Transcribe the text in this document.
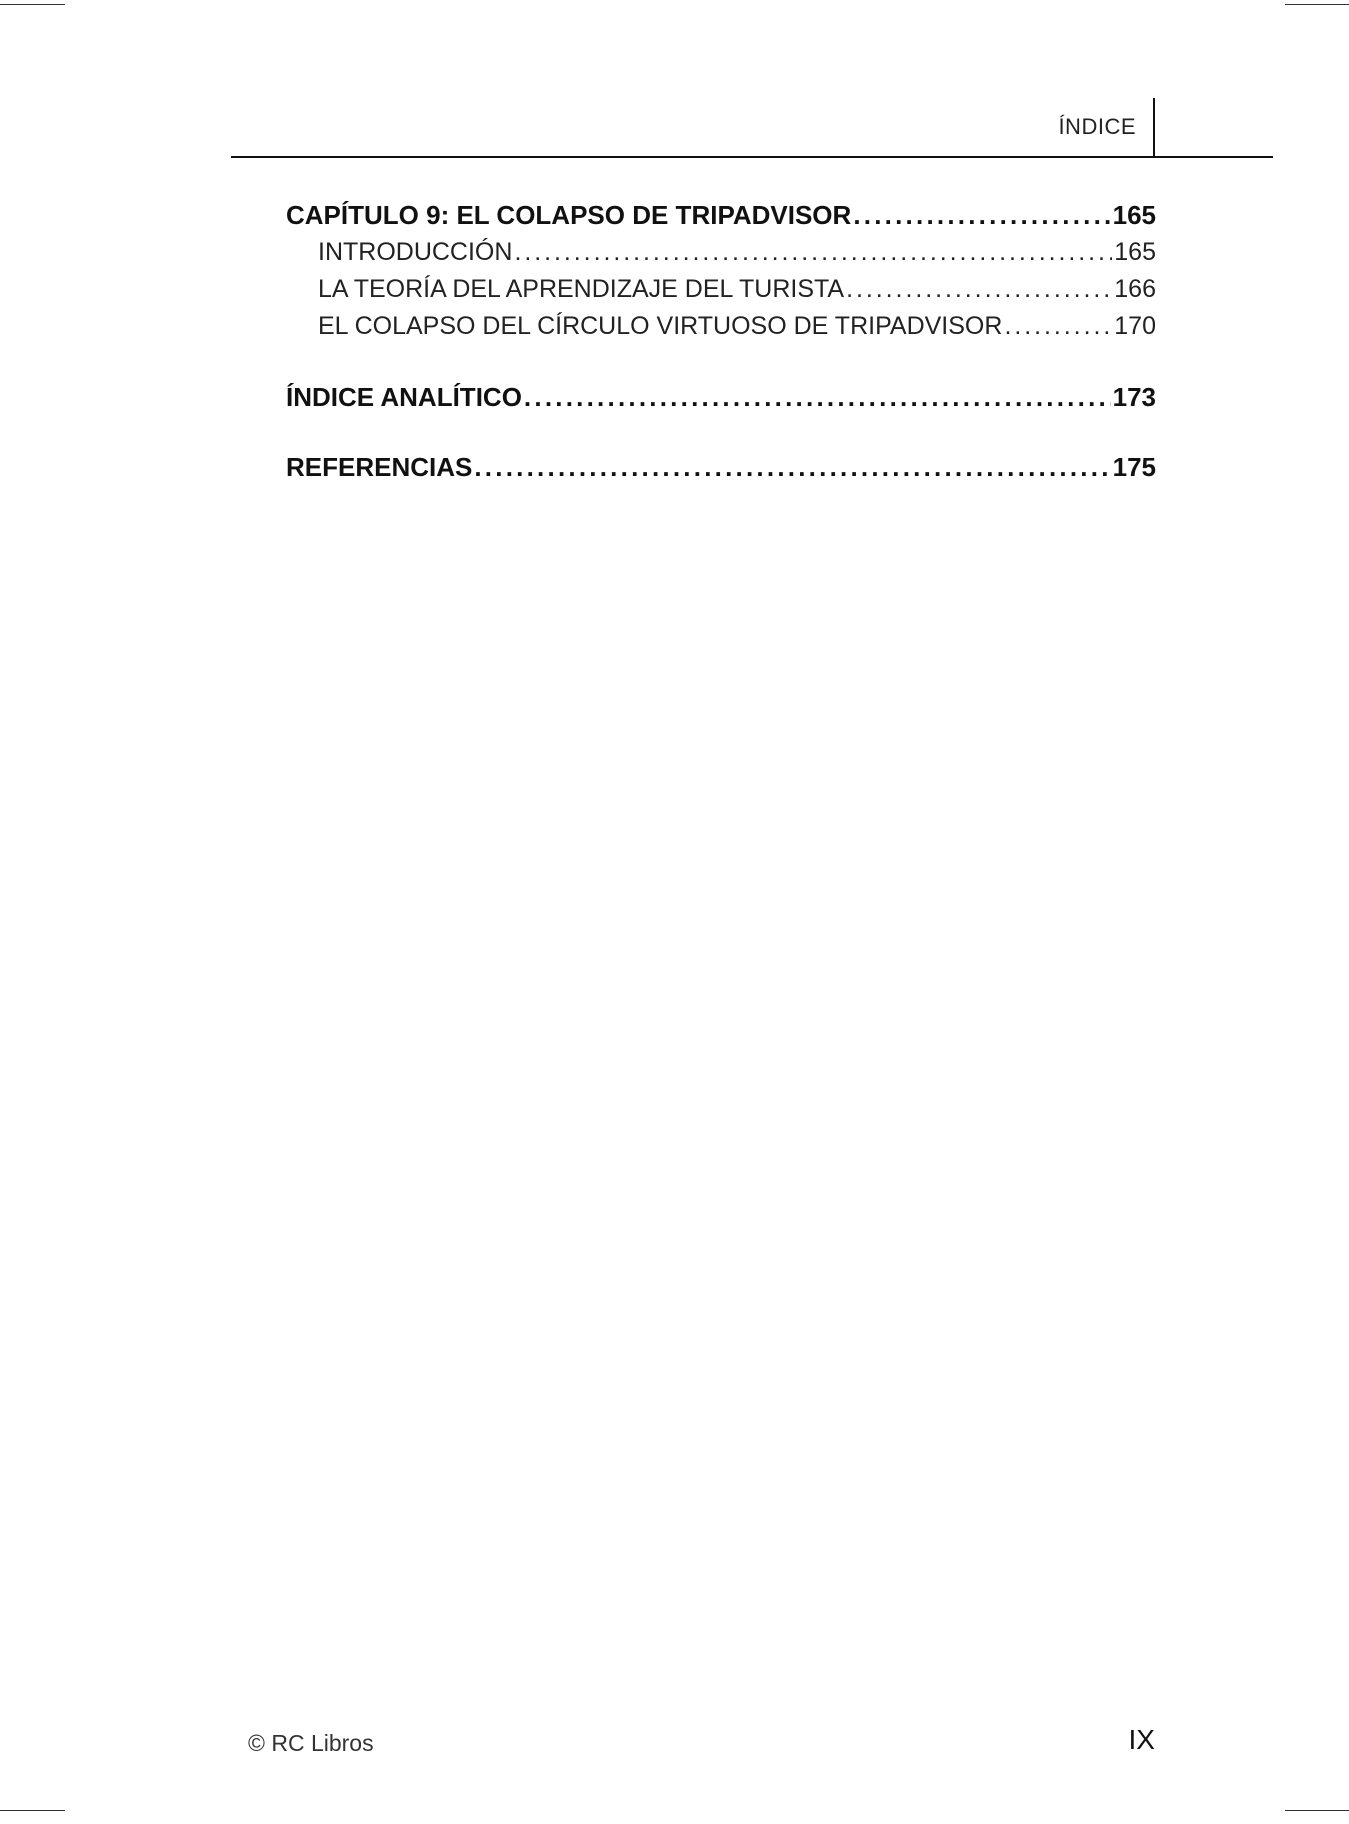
ÍNDICE
CAPÍTULO 9: EL COLAPSO DE TRIPADVISOR . . .	165
INTRODUCCIÓN . . .	165
LA TEORÍA DEL APRENDIZAJE DEL TURISTA . . .	166
EL COLAPSO DEL CÍRCULO VIRTUOSO DE TRIPADVISOR . . .	170
ÍNDICE ANALÍTICO . . .	173
REFERENCIAS . . .	175
© RC Libros	IX
